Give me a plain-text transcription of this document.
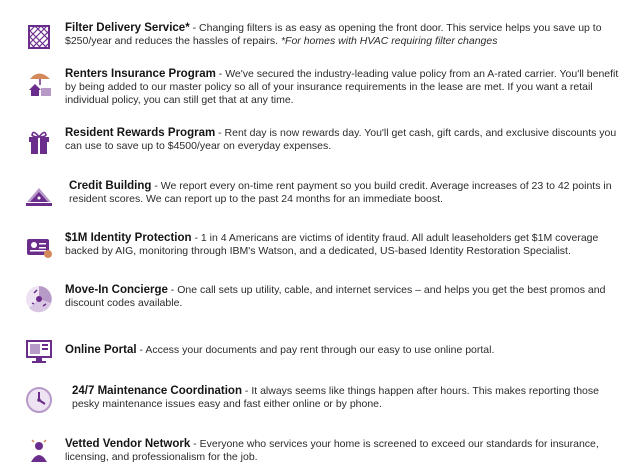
Filter Delivery Service* - Changing filters is as easy as opening the front door. This service helps you save up to $250/year and reduces the hassles of repairs. *For homes with HVAC requiring filter changes
Renters Insurance Program - We've secured the industry-leading value policy from an A-rated carrier. You'll benefit by being added to our master policy so all of your insurance requirements in the lease are met. If you want a retail individual policy, you can still get that at any time.
Resident Rewards Program - Rent day is now rewards day. You'll get cash, gift cards, and exclusive discounts you can use to save up to $4500/year on everyday expenses.
Credit Building - We report every on-time rent payment so you build credit. Average increases of 23 to 42 points in resident scores. We can report up to the past 24 months for an immediate boost.
$1M Identity Protection - 1 in 4 Americans are victims of identity fraud. All adult leaseholders get $1M coverage backed by AIG, monitoring through IBM's Watson, and a dedicated, US-based Identity Restoration Specialist.
Move-In Concierge - One call sets up utility, cable, and internet services – and helps you get the best promos and discount codes available.
Online Portal - Access your documents and pay rent through our easy to use online portal.
24/7 Maintenance Coordination - It always seems like things happen after hours. This makes reporting those pesky maintenance issues easy and fast either online or by phone.
Vetted Vendor Network - Everyone who services your home is screened to exceed our standards for insurance, licensing, and professionalism for the job.
